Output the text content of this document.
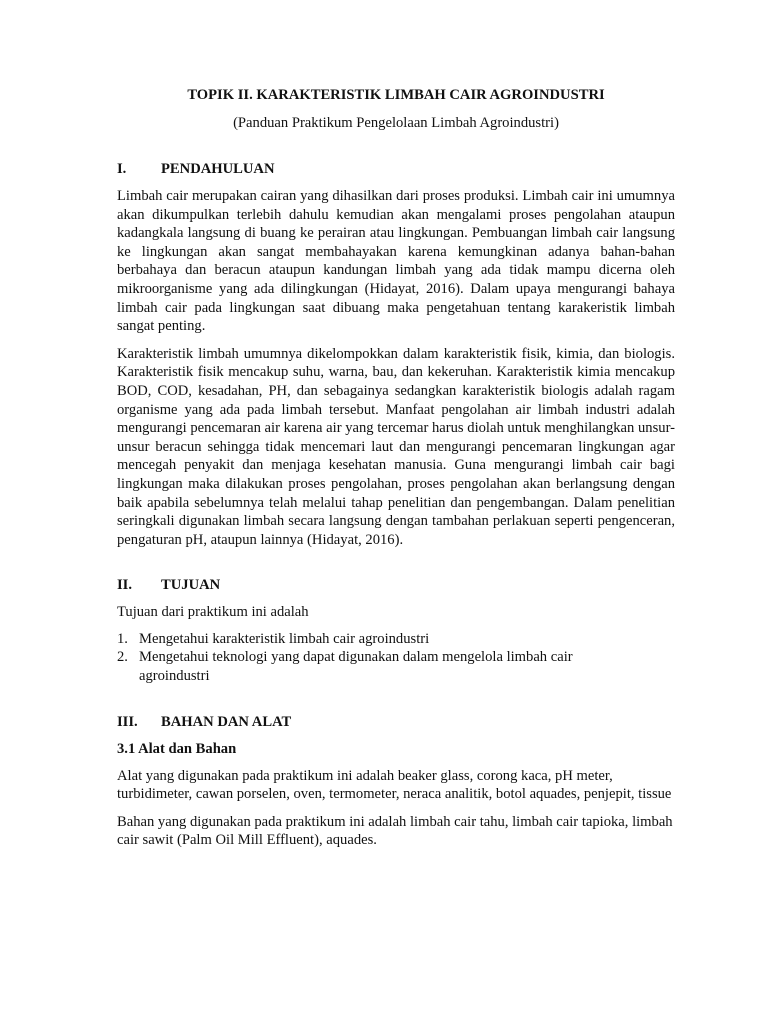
TOPIK II. KARAKTERISTIK LIMBAH CAIR AGROINDUSTRI

(Panduan Praktikum Pengelolaan Limbah Agroindustri)

I.	PENDAHULUAN

Limbah cair merupakan cairan yang dihasilkan dari proses produksi. Limbah cair ini umumnya akan dikumpulkan terlebih dahulu kemudian akan mengalami proses pengolahan ataupun kadangkala langsung di buang ke perairan atau lingkungan. Pembuangan limbah cair langsung ke lingkungan akan sangat membahayakan karena kemungkinan adanya bahan-bahan berbahaya dan beracun ataupun kandungan limbah yang ada tidak mampu dicerna oleh mikroorganisme yang ada dilingkungan (Hidayat, 2016). Dalam upaya mengurangi bahaya limbah cair pada lingkungan saat dibuang maka pengetahuan tentang karakeristik limbah sangat penting.

Karakteristik limbah umumnya dikelompokkan dalam karakteristik fisik, kimia, dan biologis. Karakteristik fisik mencakup suhu, warna, bau, dan kekeruhan. Karakteristik kimia mencakup BOD, COD, kesadahan, PH, dan sebagainya sedangkan karakteristik biologis adalah ragam organisme yang ada pada limbah tersebut. Manfaat pengolahan air limbah industri adalah mengurangi pencemaran air karena air yang tercemar harus diolah untuk menghilangkan unsur-unsur beracun sehingga tidak mencemari laut dan mengurangi pencemaran lingkungan agar mencegah penyakit dan menjaga kesehatan manusia. Guna mengurangi limbah cair bagi lingkungan maka dilakukan proses pengolahan, proses pengolahan akan berlangsung dengan baik apabila sebelumnya telah melalui tahap penelitian dan pengembangan. Dalam penelitian seringkali digunakan limbah secara langsung dengan tambahan perlakuan seperti pengenceran, pengaturan pH, ataupun lainnya (Hidayat, 2016).

II.	TUJUAN

Tujuan dari praktikum ini adalah

1. Mengetahui karakteristik limbah cair agroindustri
2. Mengetahui teknologi yang dapat digunakan dalam mengelola limbah cair agroindustri
III.	BAHAN DAN ALAT

3.1 Alat dan Bahan

Alat yang digunakan pada praktikum ini adalah beaker glass, corong kaca, pH meter, turbidimeter, cawan porselen, oven, termometer, neraca analitik, botol aquades, penjepit, tissue

Bahan yang digunakan pada praktikum ini adalah limbah cair tahu, limbah cair tapioka, limbah cair sawit (Palm Oil Mill Effluent), aquades.
